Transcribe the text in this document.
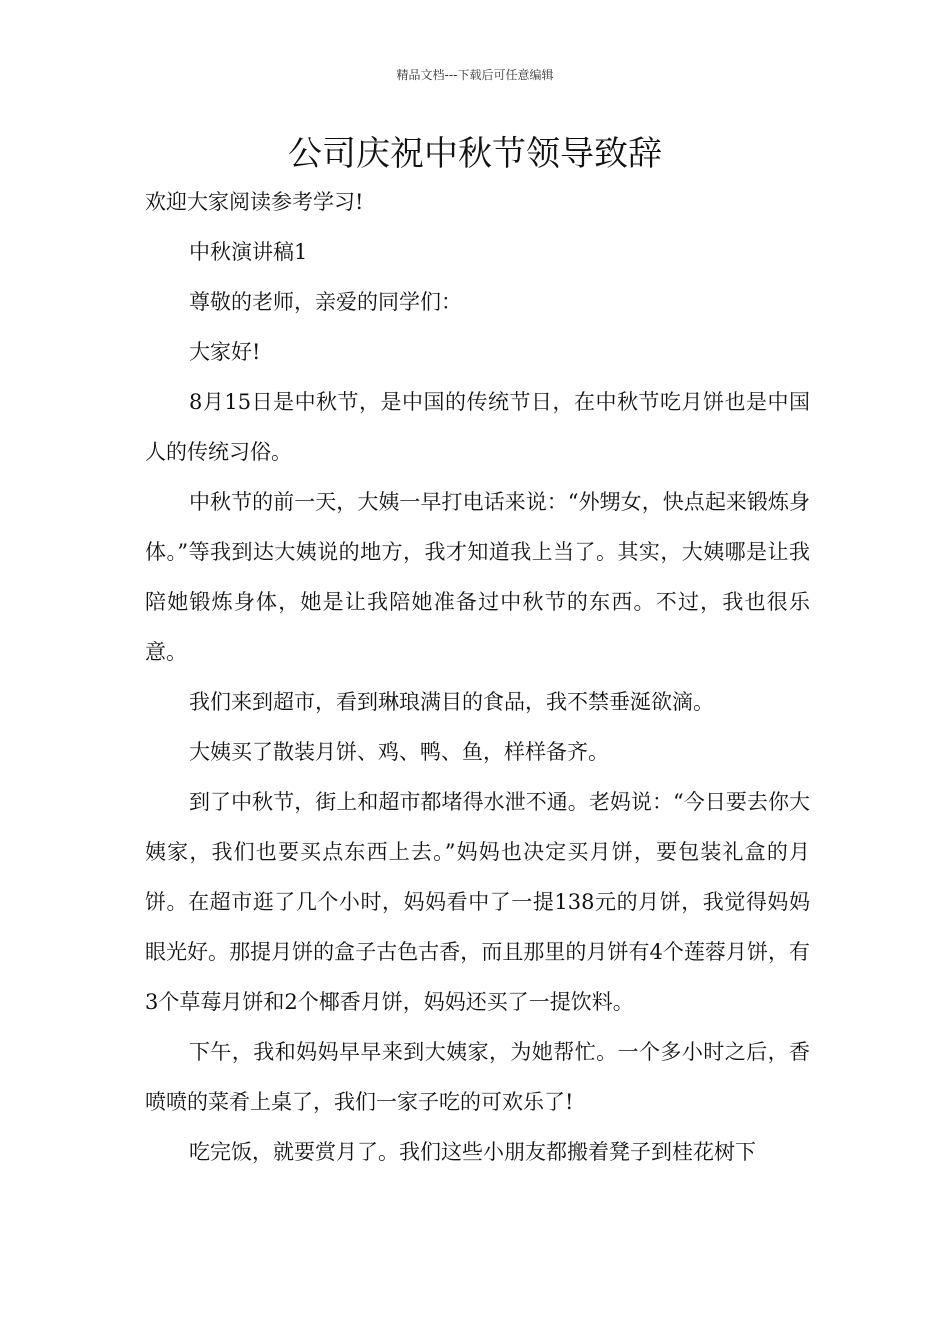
精品文档---下载后可任意编辑
公司庆祝中秋节领导致辞

欢迎大家阅读参考学习!

中秋演讲稿1

尊敬的老师，亲爱的同学们：

大家好!

8月15日是中秋节，是中国的传统节日，在中秋节吃月饼也是中国人的传统习俗。

中秋节的前一天，大姨一早打电话来说：“外甥女，快点起来锻炼身体。”等我到达大姨说的地方，我才知道我上当了。其实，大姨哪是让我陪她锻炼身体，她是让我陪她准备过中秋节的东西。不过，我也很乐意。

我们来到超市，看到琳琅满目的食品，我不禁垂涎欲滴。

大姨买了散装月饼、鸡、鸭、鱼，样样备齐。

到了中秋节，街上和超市都堵得水泄不通。老妈说：“今日要去你大姨家，我们也要买点东西上去。”妈妈也决定买月饼，要包装礼盒的月饼。在超市逛了几个小时，妈妈看中了一提138元的月饼，我觉得妈妈眼光好。那提月饼的盒子古色古香，而且那里的月饼有4个莲蓉月饼，有3个草莓月饼和2个椰香月饼，妈妈还买了一提饮料。

下午，我和妈妈早早来到大姨家，为她帮忙。一个多小时之后，香喷喷的菜肴上桌了，我们一家子吃的可欢乐了!

吃完饭，就要赏月了。我们这些小朋友都搬着凳子到桂花树下
